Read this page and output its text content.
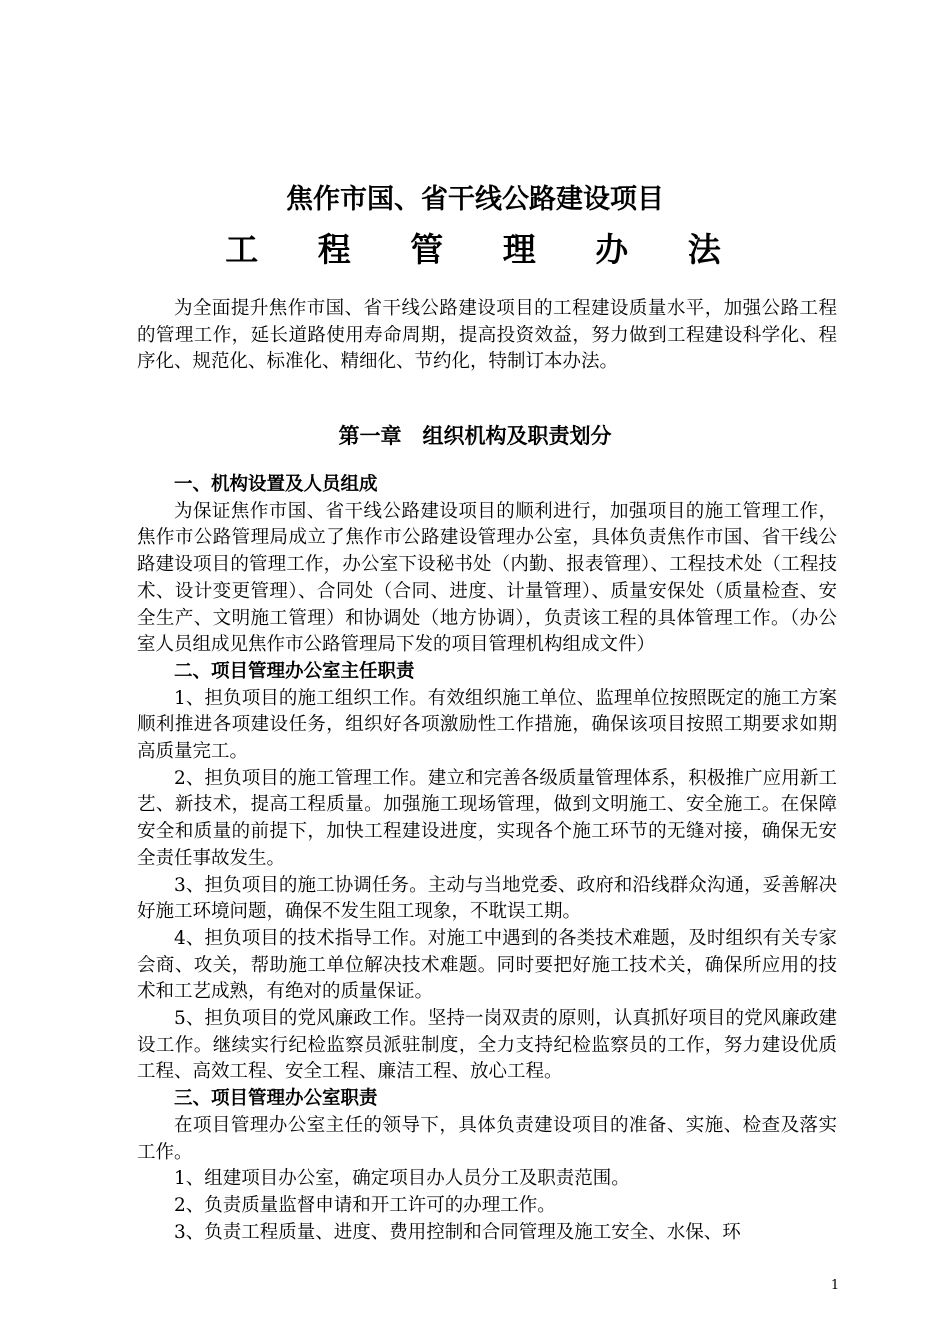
焦作市国、省干线公路建设项目
工 程 管 理 办 法

为全面提升焦作市国、省干线公路建设项目的工程建设质量水平，加强公路工程的管理工作，延长道路使用寿命周期，提高投资效益，努力做到工程建设科学化、程序化、规范化、标准化、精细化、节约化，特制订本办法。

第一章　组织机构及职责划分

一、机构设置及人员组成

为保证焦作市国、省干线公路建设项目的顺利进行，加强项目的施工管理工作，焦作市公路管理局成立了焦作市公路建设管理办公室，具体负责焦作市国、省干线公路建设项目的管理工作，办公室下设秘书处（内勤、报表管理）、工程技术处（工程技术、设计变更管理）、合同处（合同、进度、计量管理）、质量安保处（质量检查、安全生产、文明施工管理）和协调处（地方协调），负责该工程的具体管理工作。（办公室人员组成见焦作市公路管理局下发的项目管理机构组成文件）

二、项目管理办公室主任职责

1、担负项目的施工组织工作。有效组织施工单位、监理单位按照既定的施工方案顺利推进各项建设任务，组织好各项激励性工作措施，确保该项目按照工期要求如期高质量完工。

2、担负项目的施工管理工作。建立和完善各级质量管理体系，积极推广应用新工艺、新技术，提高工程质量。加强施工现场管理，做到文明施工、安全施工。在保障安全和质量的前提下，加快工程建设进度，实现各个施工环节的无缝对接，确保无安全责任事故发生。

3、担负项目的施工协调任务。主动与当地党委、政府和沿线群众沟通，妥善解决好施工环境问题，确保不发生阻工现象，不耽误工期。

4、担负项目的技术指导工作。对施工中遇到的各类技术难题，及时组织有关专家会商、攻关，帮助施工单位解决技术难题。同时要把好施工技术关，确保所应用的技术和工艺成熟，有绝对的质量保证。

5、担负项目的党风廉政工作。坚持一岗双责的原则，认真抓好项目的党风廉政建设工作。继续实行纪检监察员派驻制度，全力支持纪检监察员的工作，努力建设优质工程、高效工程、安全工程、廉洁工程、放心工程。

三、项目管理办公室职责

在项目管理办公室主任的领导下，具体负责建设项目的准备、实施、检查及落实工作。

1、组建项目办公室，确定项目办人员分工及职责范围。

2、负责质量监督申请和开工许可的办理工作。

3、负责工程质量、进度、费用控制和合同管理及施工安全、水保、环

1
